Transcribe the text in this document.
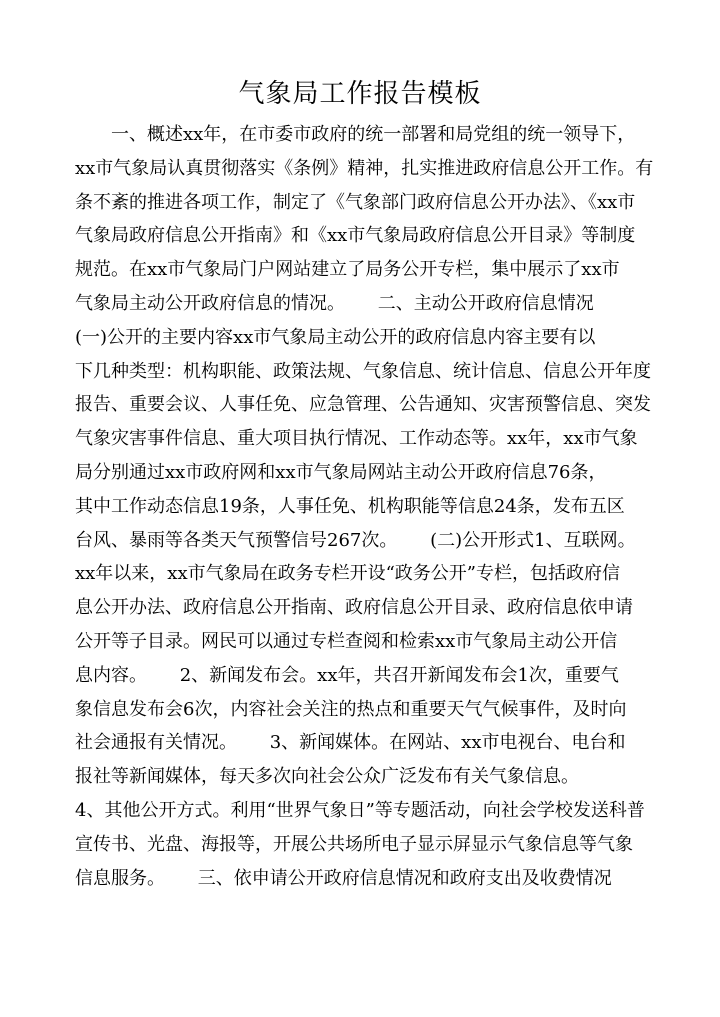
气象局工作报告模板
　　一、概述xx年，在市委市政府的统一部署和局党组的统一领导下，
xx市气象局认真贯彻落实《条例》精神，扎实推进政府信息公开工作。有
条不紊的推进各项工作，制定了《气象部门政府信息公开办法》、《xx市
气象局政府信息公开指南》和《xx市气象局政府信息公开目录》等制度
规范。在xx市气象局门户网站建立了局务公开专栏，集中展示了xx市
气象局主动公开政府信息的情况。　　 二、主动公开政府信息情况
(一)公开的主要内容xx市气象局主动公开的政府信息内容主要有以
下几种类型：机构职能、政策法规、气象信息、统计信息、信息公开年度
报告、重要会议、人事任免、应急管理、公告通知、灾害预警信息、突发
气象灾害事件信息、重大项目执行情况、工作动态等。xx年，xx市气象
局分别通过xx市政府网和xx市气象局网站主动公开政府信息76条，
其中工作动态信息19条，人事任免、机构职能等信息24条，发布五区
台风、暴雨等各类天气预警信号267次。　　 (二)公开形式1、互联网。
xx年以来，xx市气象局在政务专栏开设“政务公开”专栏，包括政府信
息公开办法、政府信息公开指南、政府信息公开目录、政府信息依申请
公开等子目录。网民可以通过专栏查阅和检索xx市气象局主动公开信
息内容。　　 2、新闻发布会。xx年，共召开新闻发布会1次，重要气
象信息发布会6次，内容社会关注的热点和重要天气气候事件，及时向
社会通报有关情况。　　 3、新闻媒体。在网站、xx市电视台、电台和
报社等新闻媒体，每天多次向社会公众广泛发布有关气象信息。
4、其他公开方式。利用“世界气象日”等专题活动，向社会学校发送科普
宣传书、光盘、海报等，开展公共场所电子显示屏显示气象信息等气象
信息服务。　　 三、依申请公开政府信息情况和政府支出及收费情况
